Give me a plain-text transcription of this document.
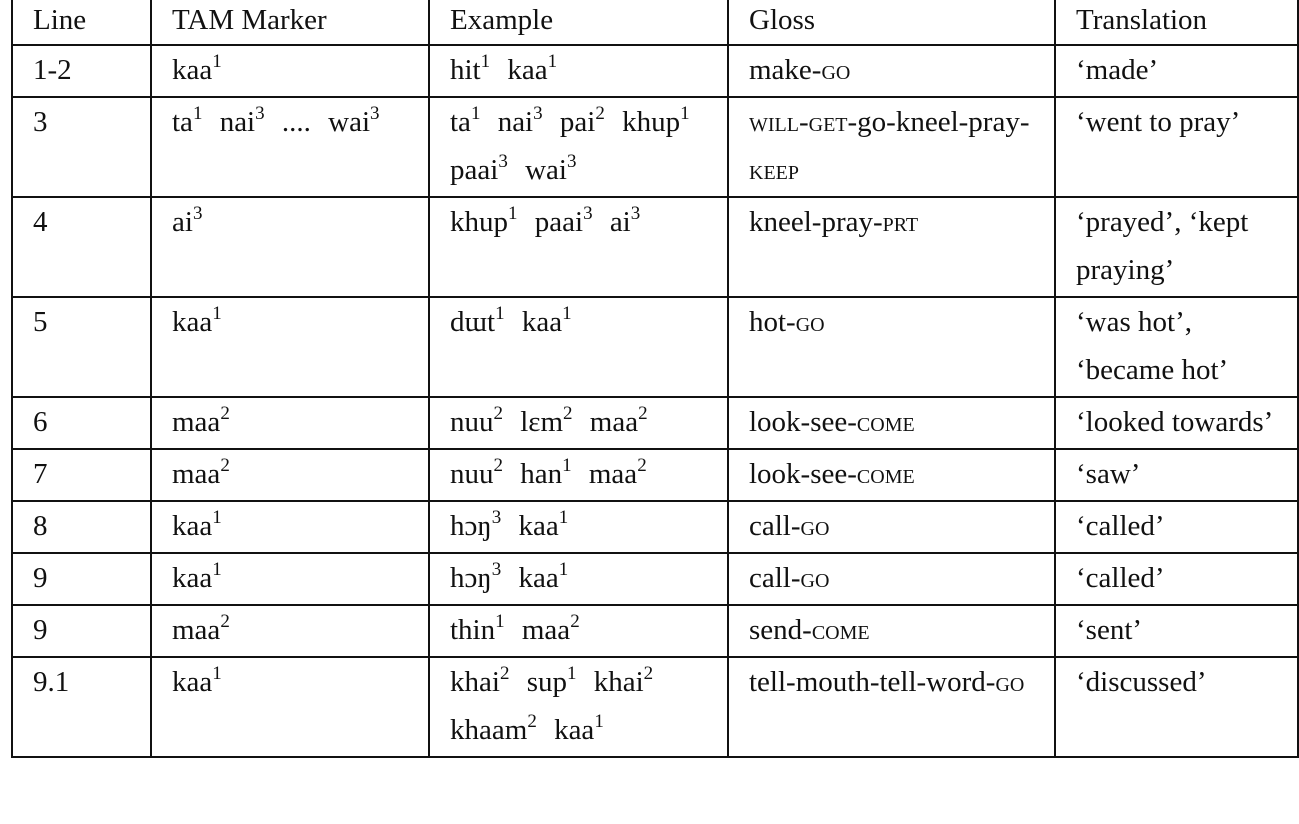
Line	TAM Marker	Example	Gloss	Translation
1-2	kaa$^1$	hit$^1$ kaa$^1$	make-go	‘made’
3	$ta^1$ nai$^3$ .... wai$^3$	$ta^1$ nai$^3$ pai$^2$ khup$^1$ paai$^3$ wai$^3$	will-get-go-kneel-pray-keep	‘went to pray’
4	$ai^3$	khup$^1$ paai$^3$ $ai^3$	kneel-pray-prt	‘prayed’, ‘kept praying’
5	kaa$^1$	dɯt$^1$ kaa$^1$	hot-go	‘was hot’, ‘became hot’
6	maa$^2$	nuu$^2$ lɛm$^2$ maa$^2$	look-see-come	‘looked towards’
7	maa$^2$	nuu$^2$ han$^1$ maa$^2$	look-see-come	‘saw’
8	kaa$^1$	hɔŋ$^3$ kaa$^1$	call-go	‘called’
9	kaa$^1$	hɔŋ$^3$ kaa$^1$	call-go	‘called’
9	maa$^2$	thin$^1$ maa$^2$	send-come	‘sent’
9.1	kaa$^1$	khai$^2$ sup$^1$ khai$^2$ khaam$^2$ kaa$^1$	tell-mouth-tell-word-go	‘discussed’
